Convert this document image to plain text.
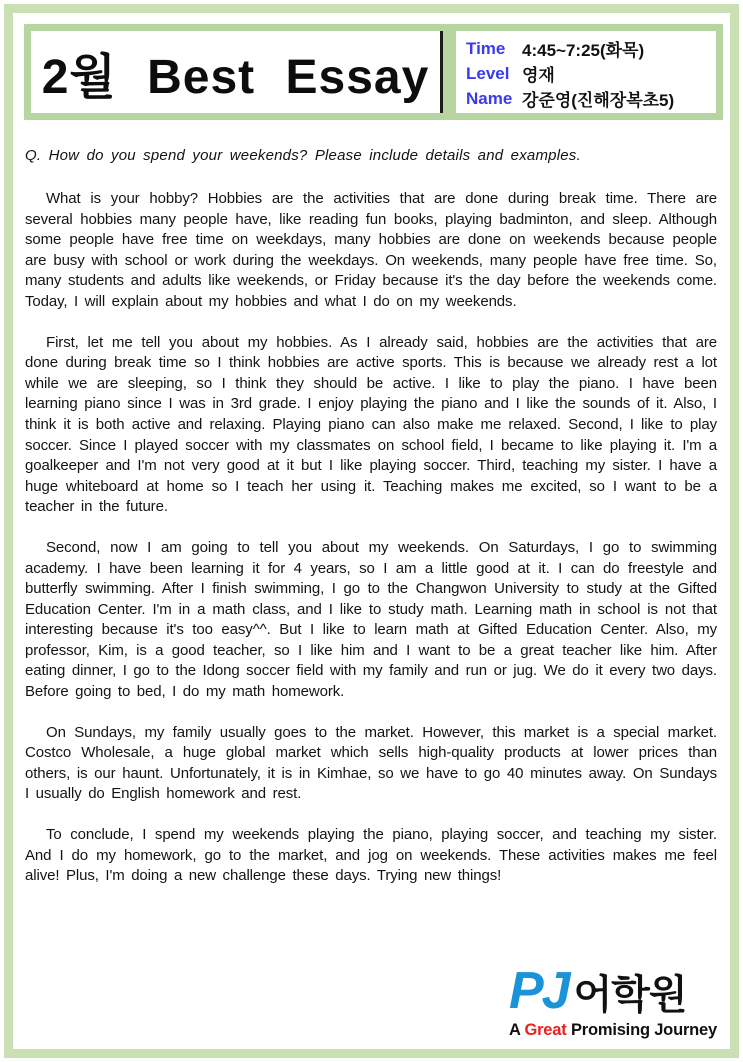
2월 Best Essay
Time 4:45~7:25(화목)
Level 영재
Name 강준영(진해장복초5)

Q. How do you spend your weekends? Please include details and examples.

What is your hobby? Hobbies are the activities that are done during break time. There are several hobbies many people have, like reading fun books, playing badminton, and sleep. Although some people have free time on weekdays, many hobbies are done on weekends because people are busy with school or work during the weekdays. On weekends, many people have free time. So, many students and adults like weekends, or Friday because it's the day before the weekends come. Today, I will explain about my hobbies and what I do on my weekends.

First, let me tell you about my hobbies. As I already said, hobbies are the activities that are done during break time so I think hobbies are active sports. This is because we already rest a lot while we are sleeping, so I think they should be active. I like to play the piano. I have been learning piano since I was in 3rd grade. I enjoy playing the piano and I like the sounds of it. Also, I think it is both active and relaxing. Playing piano can also make me relaxed. Second, I like to play soccer. Since I played soccer with my classmates on school field, I became to like playing it. I'm a goalkeeper and I'm not very good at it but I like playing soccer. Third, teaching my sister. I have a huge whiteboard at home so I teach her using it. Teaching makes me excited, so I want to be a teacher in the future.

Second, now I am going to tell you about my weekends. On Saturdays, I go to swimming academy. I have been learning it for 4 years, so I am a little good at it. I can do freestyle and butterfly swimming. After I finish swimming, I go to the Changwon University to study at the Gifted Education Center. I'm in a math class, and I like to study math. Learning math in school is not that interesting because it's too easy^^. But I like to learn math at Gifted Education Center. Also, my professor, Kim, is a good teacher, so I like him and I want to be a great teacher like him. After eating dinner, I go to the Idong soccer field with my family and run or jug. We do it every two days. Before going to bed, I do my math homework.

On Sundays, my family usually goes to the market. However, this market is a special market. Costco Wholesale, a huge global market which sells high-quality products at lower prices than others, is our haunt. Unfortunately, it is in Kimhae, so we have to go 40 minutes away. On Sundays I usually do English homework and rest.

To conclude, I spend my weekends playing the piano, playing soccer, and teaching my sister. And I do my homework, go to the market, and jog on weekends. These activities makes me feel alive! Plus, I'm doing a new challenge these days. Trying new things!

PJ 어학원
A Great Promising Journey
